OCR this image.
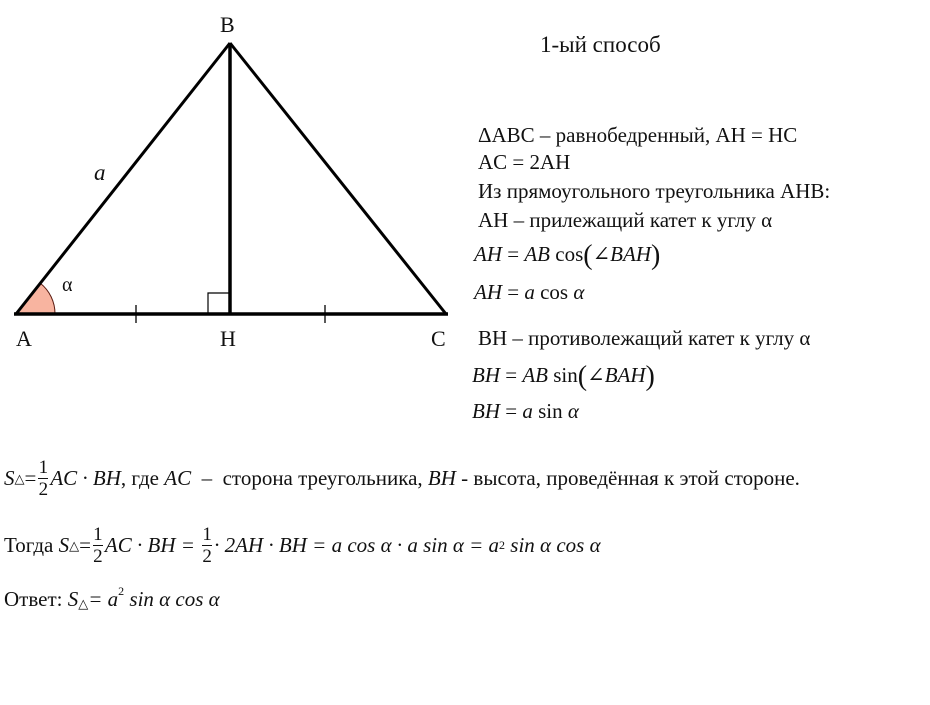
B
A	H	C
a
α
1-ый способ
ΔABC – равнобедренный, AH = HC
AC = 2AH
Из прямоугольного треугольника AHB:
AH – прилежащий катет к углу α
AH = AB cos(∠BAH)
AH = a cos α
BH – противолежащий катет к углу α
BH = AB sin(∠BAH)
BH = a sin α
S △ = $\frac{1}{2}$ AC · BH , где AC –  сторона треугольника, BH - высота, проведённая к этой стороне.
Тогда S △ = $\frac{1}{2}$ AC · BH = $\frac{1}{2} \cdot 2AH$ · BH = a cos α · a sin α = a 2 sin α cos α
Ответ: S△= $a^2$ sin α cos α
